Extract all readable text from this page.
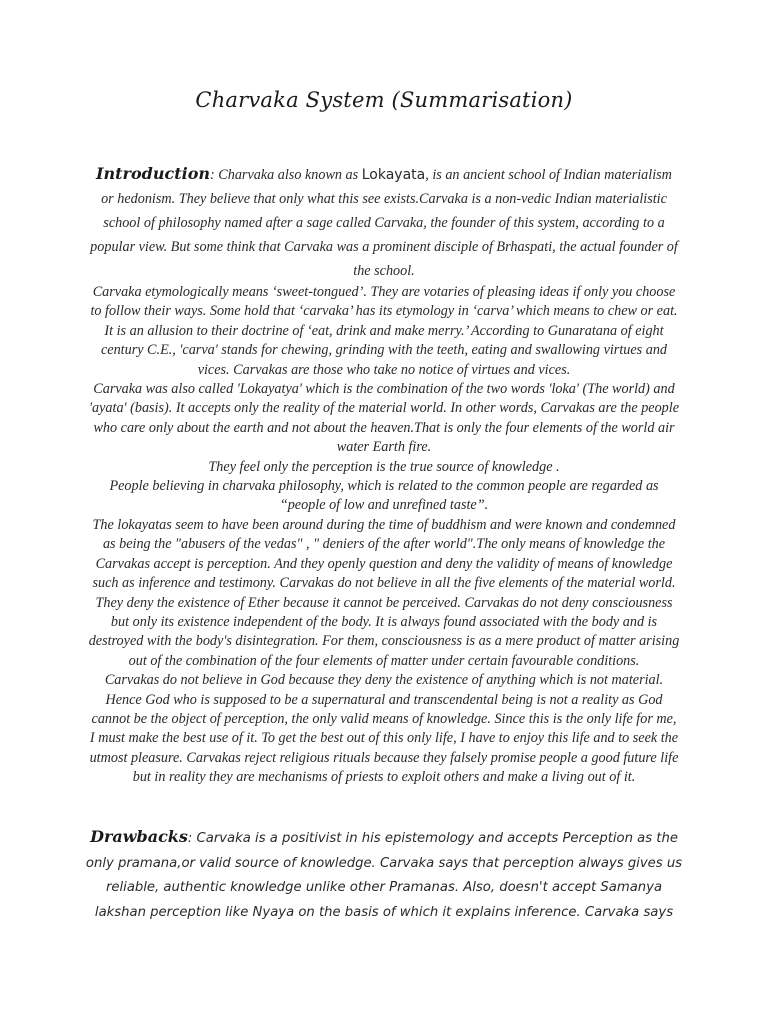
Charvaka System (Summarisation)

Introduction: Charvaka also known as Lokayata, is an ancient school of Indian materialism or hedonism. They believe that only what this see exists.Carvaka is a non-vedic Indian materialistic school of philosophy named after a sage called Carvaka, the founder of this system, according to a popular view. But some think that Carvaka was a prominent disciple of Brhaspati, the actual founder of the school.

Carvaka etymologically means ‘sweet-tongued’. They are votaries of pleasing ideas if only you choose to follow their ways. Some hold that ‘carvaka’ has its etymology in ‘carva’ which means to chew or eat. It is an allusion to their doctrine of ‘eat, drink and make merry.’ According to Gunaratana of eight century C.E., 'carva' stands for chewing, grinding with the teeth, eating and swallowing virtues and vices. Carvakas are those who take no notice of virtues and vices.

Carvaka was also called 'Lokayatya' which is the combination of the two words 'loka' (The world) and 'ayata' (basis). It accepts only the reality of the material world. In other words, Carvakas are the people who care only about the earth and not about the heaven.That is only the four elements of the world air water Earth fire.

They feel only the perception is the true source of knowledge .

People believing in charvaka philosophy, which is related to the common people are regarded as “people of low and unrefined taste”.

The lokayatas seem to have been around during the time of buddhism and were known and condemned as being the "abusers of the vedas" , " deniers of the after world".The only means of knowledge the Carvakas accept is perception. And they openly question and deny the validity of means of knowledge such as inference and testimony. Carvakas do not believe in all the five elements of the material world. They deny the existence of Ether because it cannot be perceived. Carvakas do not deny consciousness but only its existence independent of the body. It is always found associated with the body and is destroyed with the body's disintegration. For them, consciousness is as a mere product of matter arising out of the combination of the four elements of matter under certain favourable conditions.

Carvakas do not believe in God because they deny the existence of anything which is not material. Hence God who is supposed to be a supernatural and transcendental being is not a reality as God cannot be the object of perception, the only valid means of knowledge. Since this is the only life for me, I must make the best use of it. To get the best out of this only life, I have to enjoy this life and to seek the utmost pleasure. Carvakas reject religious rituals because they falsely promise people a good future life but in reality they are mechanisms of priests to exploit others and make a living out of it.

Drawbacks: Carvaka is a positivist in his epistemology and accepts Perception as the only pramana,or valid source of knowledge. Carvaka says that perception always gives us reliable, authentic knowledge unlike other Pramanas. Also, doesn't accept Samanya lakshan perception like Nyaya on the basis of which it explains inference. Carvaka says
